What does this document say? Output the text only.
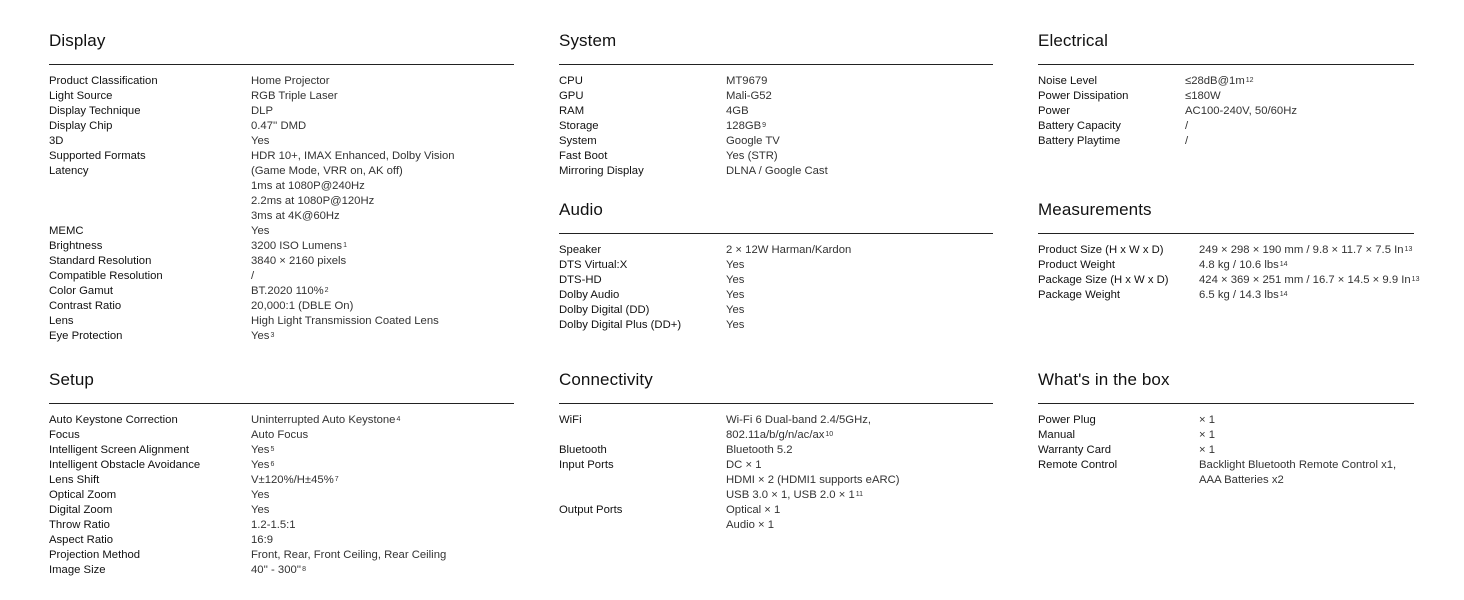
Display
Product Classification	Home Projector
Light Source	RGB Triple Laser
Display Technique	DLP
Display Chip	0.47'' DMD
3D	Yes
Supported Formats	HDR 10+, IMAX Enhanced, Dolby Vision
Latency	(Game Mode, VRR on, AK off)
1ms at 1080P@240Hz
2.2ms at 1080P@120Hz
3ms at 4K@60Hz
MEMC	Yes
Brightness	3200 ISO Lumens$^1$
Standard Resolution	3840 × 2160 pixels
Compatible Resolution	/
Color Gamut	BT.2020 110%$^2$
Contrast Ratio	20,000:1 (DBLE On)
Lens	High Light Transmission Coated Lens
Eye Protection	Yes$^3$
Setup
Auto Keystone Correction	Uninterrupted Auto Keystone$^4$
Focus	Auto Focus
Intelligent Screen Alignment	Yes$^5$
Intelligent Obstacle Avoidance	Yes$^6$
Lens Shift	V±120%/H±45%$^7$
Optical Zoom	Yes
Digital Zoom	Yes
Throw Ratio	1.2-1.5:1
Aspect Ratio	16:9
Projection Method	Front, Rear, Front Ceiling, Rear Ceiling
Image Size	$40'' - 300''^8$
System
CPU	MT9679
GPU	Mali-G52
RAM	4GB
Storage	$128GB^9$
System	Google TV
Fast Boot	Yes (STR)
Mirroring Display	DLNA / Google Cast
Audio
Speaker	2 × 12W Harman/Kardon
DTS Virtual:X	Yes
DTS-HD	Yes
Dolby Audio	Yes
Dolby Digital (DD)	Yes
Dolby Digital Plus (DD+)	Yes
Connectivity
WiFi	Wi-Fi 6 Dual-band 2.4/5GHz,
$802.11a/b/g/n/ac/ax^{10}$
Bluetooth	Bluetooth 5.2
Input Ports	DC × 1
HDMI × 2 (HDMI1 supports eARC)
USB 3.0 × 1, USB $2.0 \times 1^{11}$
Output Ports	Optical × 1
Audio × 1
Electrical
Noise Level	$\le 28dB@1m^{12}$
Power Dissipation	≤180W
Power	AC100-240V, 50/60Hz
Battery Capacity	/
Battery Playtime	/
Measurements
Product Size (H x W x D)	249 × 298 × 190 mm / 9.8 × 11.7 × 7.5 In$^{13}$
Product Weight	4.8 kg / 10.6 lbs$^{14}$
Package Size (H x W x D)	424 × 369 × 251 mm / 16.7 × 14.5 × 9.9 In$^{13}$
Package Weight	6.5 kg / 14.3 lbs$^{14}$
What's in the box
Power Plug	× 1
Manual	× 1
Warranty Card	× 1
Remote Control	Backlight Bluetooth Remote Control x1,
AAA Batteries x2
